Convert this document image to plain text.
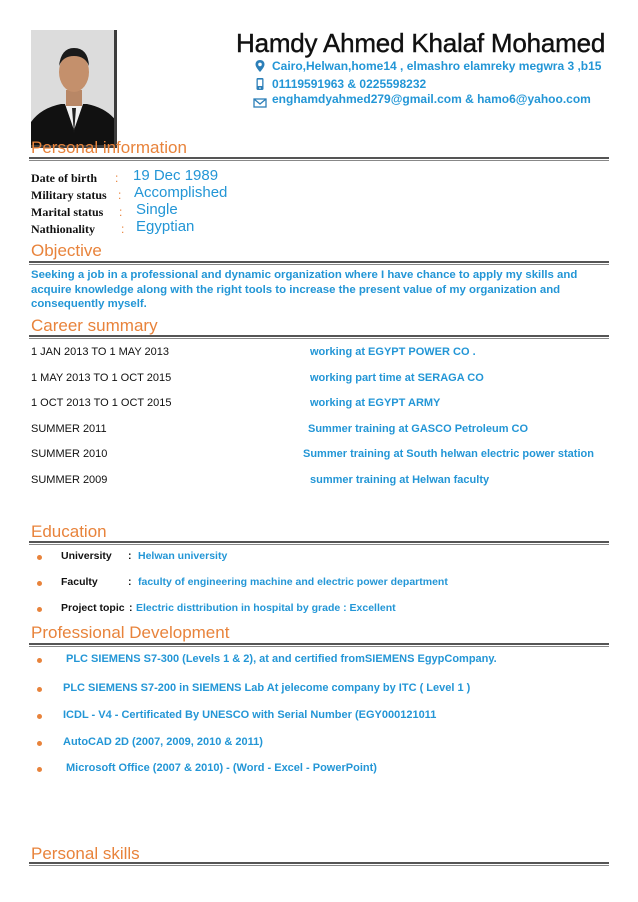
Hamdy Ahmed Khalaf Mohamed
Cairo,Helwan,home14 , elmashro elamreky megwra 3 ,b15
01119591963 & 0225598232
enghamdyahmed279@gmail.com & hamo6@yahoo.com
Personal information
Date of birth : 19 Dec 1989
Military status : Accomplished
Marital status : Single
Nathionality : Egyptian
Objective
Seeking a job in a professional and dynamic organization where I have chance to apply my skills and acquire knowledge along with the right tools to increase the present value of my organization and consequently myself.
Career summary
1 JAN 2013 TO 1 MAY 2013	working at EGYPT POWER CO .
1 MAY 2013 TO 1 OCT 2015	working part time at SERAGA CO
1 OCT 2013 TO 1 OCT 2015	working at EGYPT ARMY
SUMMER 2011	Summer training at GASCO Petroleum CO
SUMMER 2010	Summer training at South helwan electric power station
SUMMER 2009	summer training at Helwan faculty
Education
University : Helwan university
Faculty	: faculty of engineering machine and electric power department
Project topic : Electric disttribution in hospital by grade : Excellent
Professional Development
PLC SIEMENS S7-300 (Levels 1 & 2), at and certified fromSIEMENS EgypCompany.
PLC SIEMENS S7-200 in SIEMENS Lab At jelecome company by ITC ( Level 1 )
ICDL - V4 - Certificated By UNESCO with Serial Number (EGY000121011
AutoCAD 2D (2007, 2009, 2010 & 2011)
Microsoft Office (2007 & 2010) - (Word - Excel - PowerPoint)
Personal skills
